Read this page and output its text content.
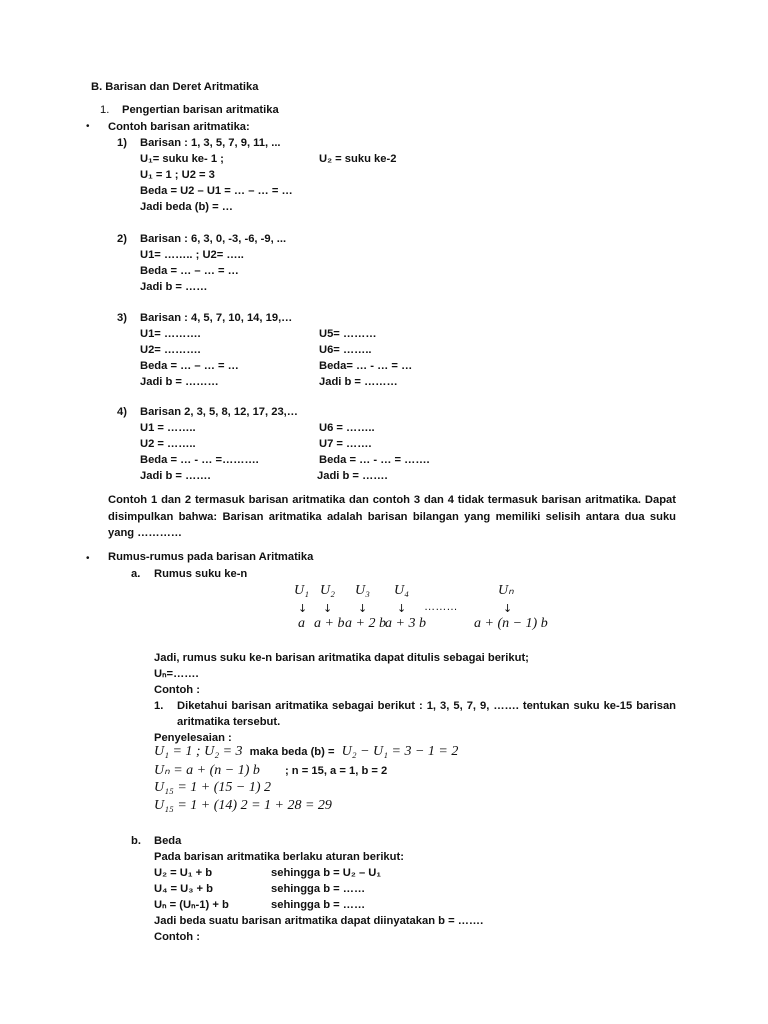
B. Barisan dan Deret Aritmatika
1. Pengertian barisan aritmatika
• Contoh barisan aritmatika:
1) Barisan : 1, 3, 5, 7, 9, 11, ...
U₁= suku ke- 1 ;	U₂ = suku ke-2
U₁ = 1 ; U2 = 3
Beda = U2 – U1 = … – … = …
Jadi beda (b) = …
2) Barisan : 6, 3, 0, -3, -6, -9, ...
U1= …….. ; U2= …..
Beda = … – … = …
Jadi b = ……
3) Barisan : 4, 5, 7, 10, 14, 19,…
U1= ……….	U5= ………
U2= ……….	U6= ……..
Beda = … – … = …	Beda= … - … = …
Jadi b = ………	Jadi b = ………
4) Barisan 2, 3, 5, 8, 12, 17, 23,…
U1 = ……..	U6 = ……..
U2 = ……..	U7 = …….
Beda = … - … =……….	Beda = … - … = …….
Jadi b = …….	Jadi b = …….
Contoh 1 dan 2 termasuk barisan aritmatika dan contoh 3 dan 4 tidak termasuk barisan aritmatika. Dapat disimpulkan bahwa: Barisan aritmatika adalah barisan bilangan yang memiliki selisih antara dua suku yang …………
• Rumus-rumus pada barisan Aritmatika
a. Rumus suku ke-n
U₁ U₂ U₃ U₄	Uₙ
↓ ↓ ↓	↓ ………	↓
a a + b a + 2 b a + 3 b	a + (n − 1) b
Jadi, rumus suku ke-n barisan aritmatika dapat ditulis sebagai berikut;
Uₙ=…….
Contoh :
1. Diketahui barisan aritmatika sebagai berikut : 1, 3, 5, 7, 9, ……. tentukan suku ke-15 barisan aritmatika tersebut.
Penyelesaian :
U₁ = 1 ; U₂ = 3 maka beda (b) = U₂ − U₁ = 3 − 1 = 2
Uₙ = a + (n − 1) b ; n = 15, a = 1, b = 2
U₁₅ = 1 + (15 − 1) 2
U₁₅ = 1 + (14) 2 = 1 + 28 = 29
b. Beda
Pada barisan aritmatika berlaku aturan berikut:
U₂ = U₁ + b	sehingga b = U₂ – U₁
U₄ = U₃ + b	sehingga b = ……
Uₙ = (Uₙ-1) + b	sehingga b = ……
Jadi beda suatu barisan aritmatika dapat diinyatakan b = …….
Contoh :
